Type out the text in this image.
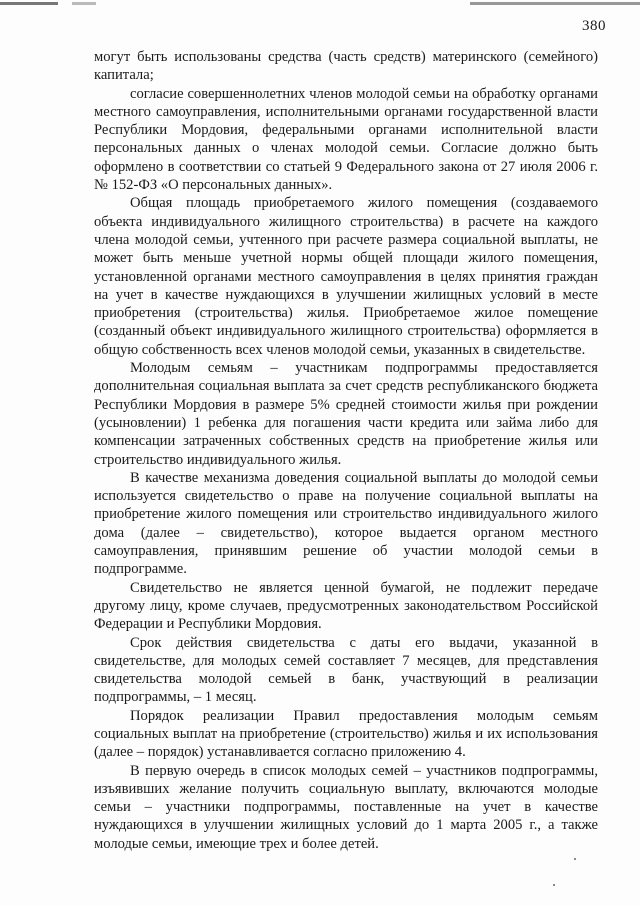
380

могут быть использованы средства (часть средств) материнского (семейного) капитала;

согласие совершеннолетних членов молодой семьи на обработку органами местного самоуправления, исполнительными органами государственной власти Республики Мордовия, федеральными органами исполнительной власти персональных данных о членах молодой семьи. Согласие должно быть оформлено в соответствии со статьей 9 Федерального закона от 27 июля 2006 г. № 152-ФЗ «О персональных данных».

Общая площадь приобретаемого жилого помещения (создаваемого объекта индивидуального жилищного строительства) в расчете на каждого члена молодой семьи, учтенного при расчете размера социальной выплаты, не может быть меньше учетной нормы общей площади жилого помещения, установленной органами местного самоуправления в целях принятия граждан на учет в качестве нуждающихся в улучшении жилищных условий в месте приобретения (строительства) жилья. Приобретаемое жилое помещение (созданный объект индивидуального жилищного строительства) оформляется в общую собственность всех членов молодой семьи, указанных в свидетельстве.

Молодым семьям – участникам подпрограммы предоставляется дополнительная социальная выплата за счет средств республиканского бюджета Республики Мордовия в размере 5% средней стоимости жилья при рождении (усыновлении) 1 ребенка для погашения части кредита или займа либо для компенсации затраченных собственных средств на приобретение жилья или строительство индивидуального жилья.

В качестве механизма доведения социальной выплаты до молодой семьи используется свидетельство о праве на получение социальной выплаты на приобретение жилого помещения или строительство индивидуального жилого дома (далее – свидетельство), которое выдается органом местного самоуправления, принявшим решение об участии молодой семьи в подпрограмме.

Свидетельство не является ценной бумагой, не подлежит передаче другому лицу, кроме случаев, предусмотренных законодательством Российской Федерации и Республики Мордовия.

Срок действия свидетельства с даты его выдачи, указанной в свидетельстве, для молодых семей составляет 7 месяцев, для представления свидетельства молодой семьей в банк, участвующий в реализации подпрограммы, – 1 месяц.

Порядок реализации Правил предоставления молодым семьям социальных выплат на приобретение (строительство) жилья и их использования (далее – порядок) устанавливается согласно приложению 4.

В первую очередь в список молодых семей – участников подпрограммы, изъявивших желание получить социальную выплату, включаются молодые семьи – участники подпрограммы, поставленные на учет в качестве нуждающихся в улучшении жилищных условий до 1 марта 2005 г., а также молодые семьи, имеющие трех и более детей.
